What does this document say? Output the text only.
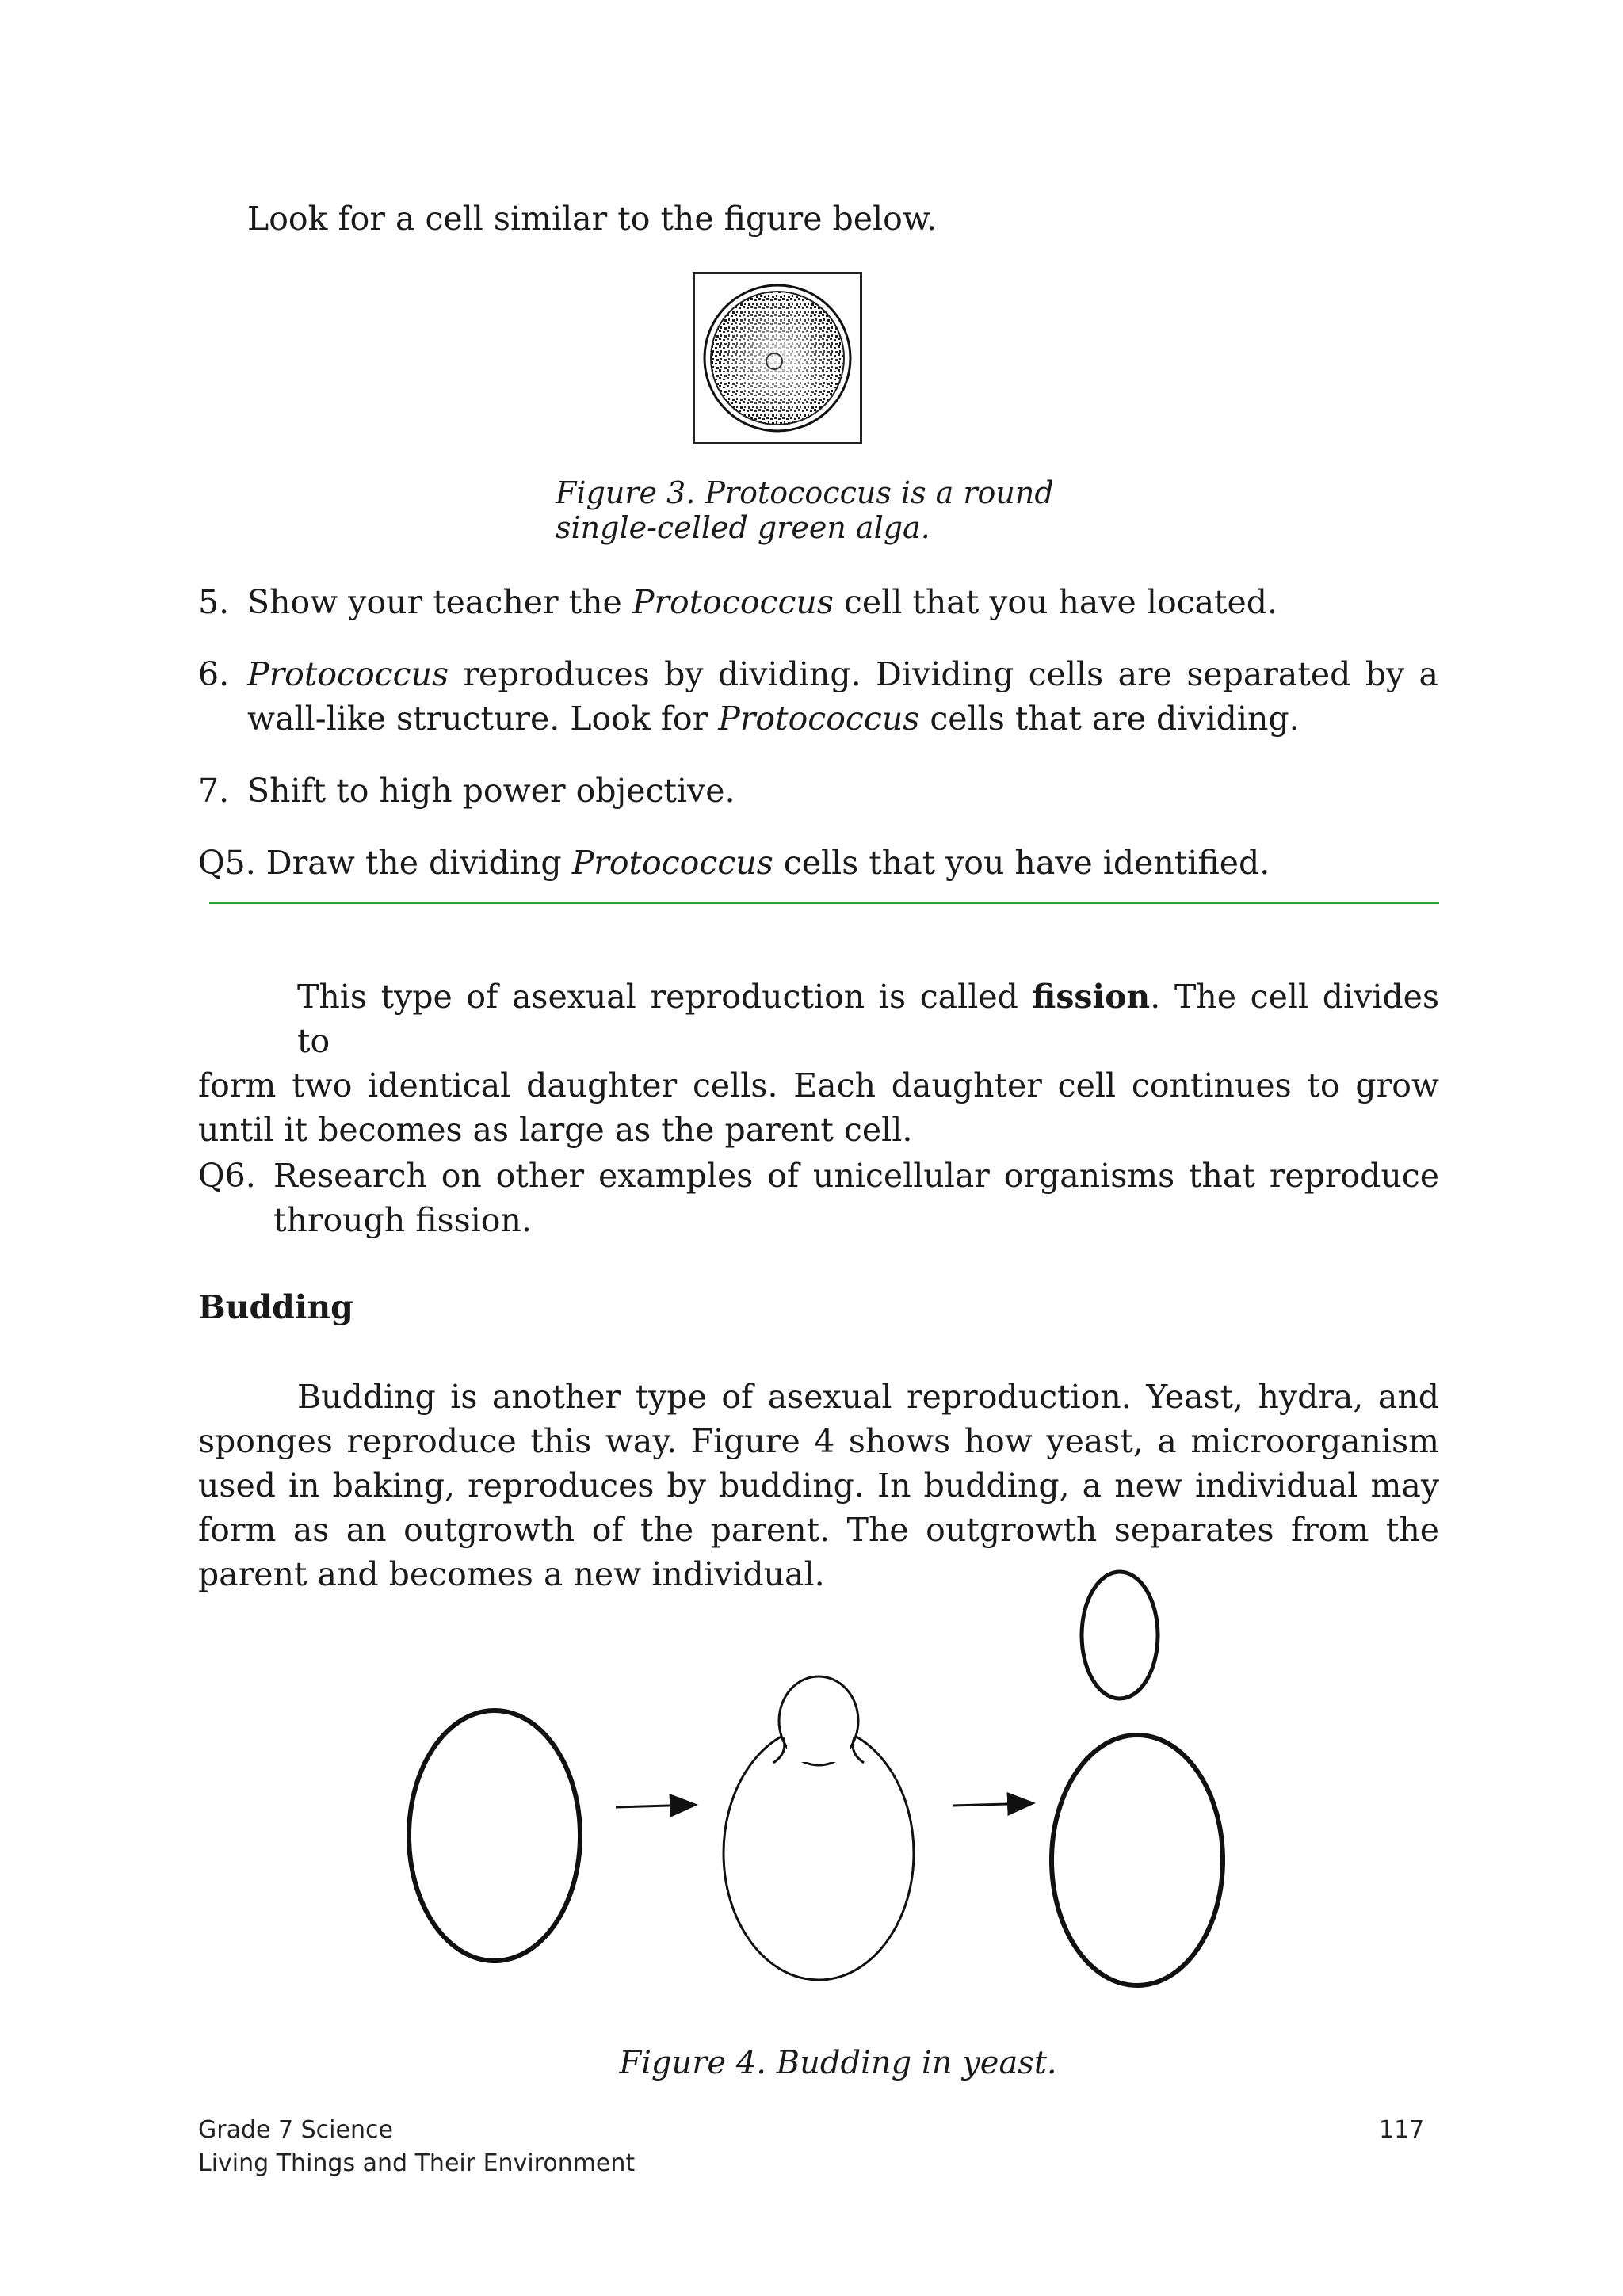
Look for a cell similar to the figure below.
Figure 3. Protococcus is a round
single-celled green alga.
5. Show your teacher the Protococcus cell that you have located.
6. Protococcus reproduces by dividing. Dividing cells are separated by a
wall-like structure. Look for Protococcus cells that are dividing.
7. Shift to high power objective.
Q5. Draw the dividing Protococcus cells that you have identified.
This type of asexual reproduction is called fission. The cell divides to
form two identical daughter cells. Each daughter cell continues to grow
until it becomes as large as the parent cell.
Q6. Research on other examples of unicellular organisms that reproduce
through fission.
Budding
Budding is another type of asexual reproduction. Yeast, hydra, and
sponges reproduce this way. Figure 4 shows how yeast, a microorganism
used in baking, reproduces by budding. In budding, a new individual may
form as an outgrowth of the parent. The outgrowth separates from the
parent and becomes a new individual.
Figure 4. Budding in yeast.
Grade 7 Science
Living Things and Their Environment
117
